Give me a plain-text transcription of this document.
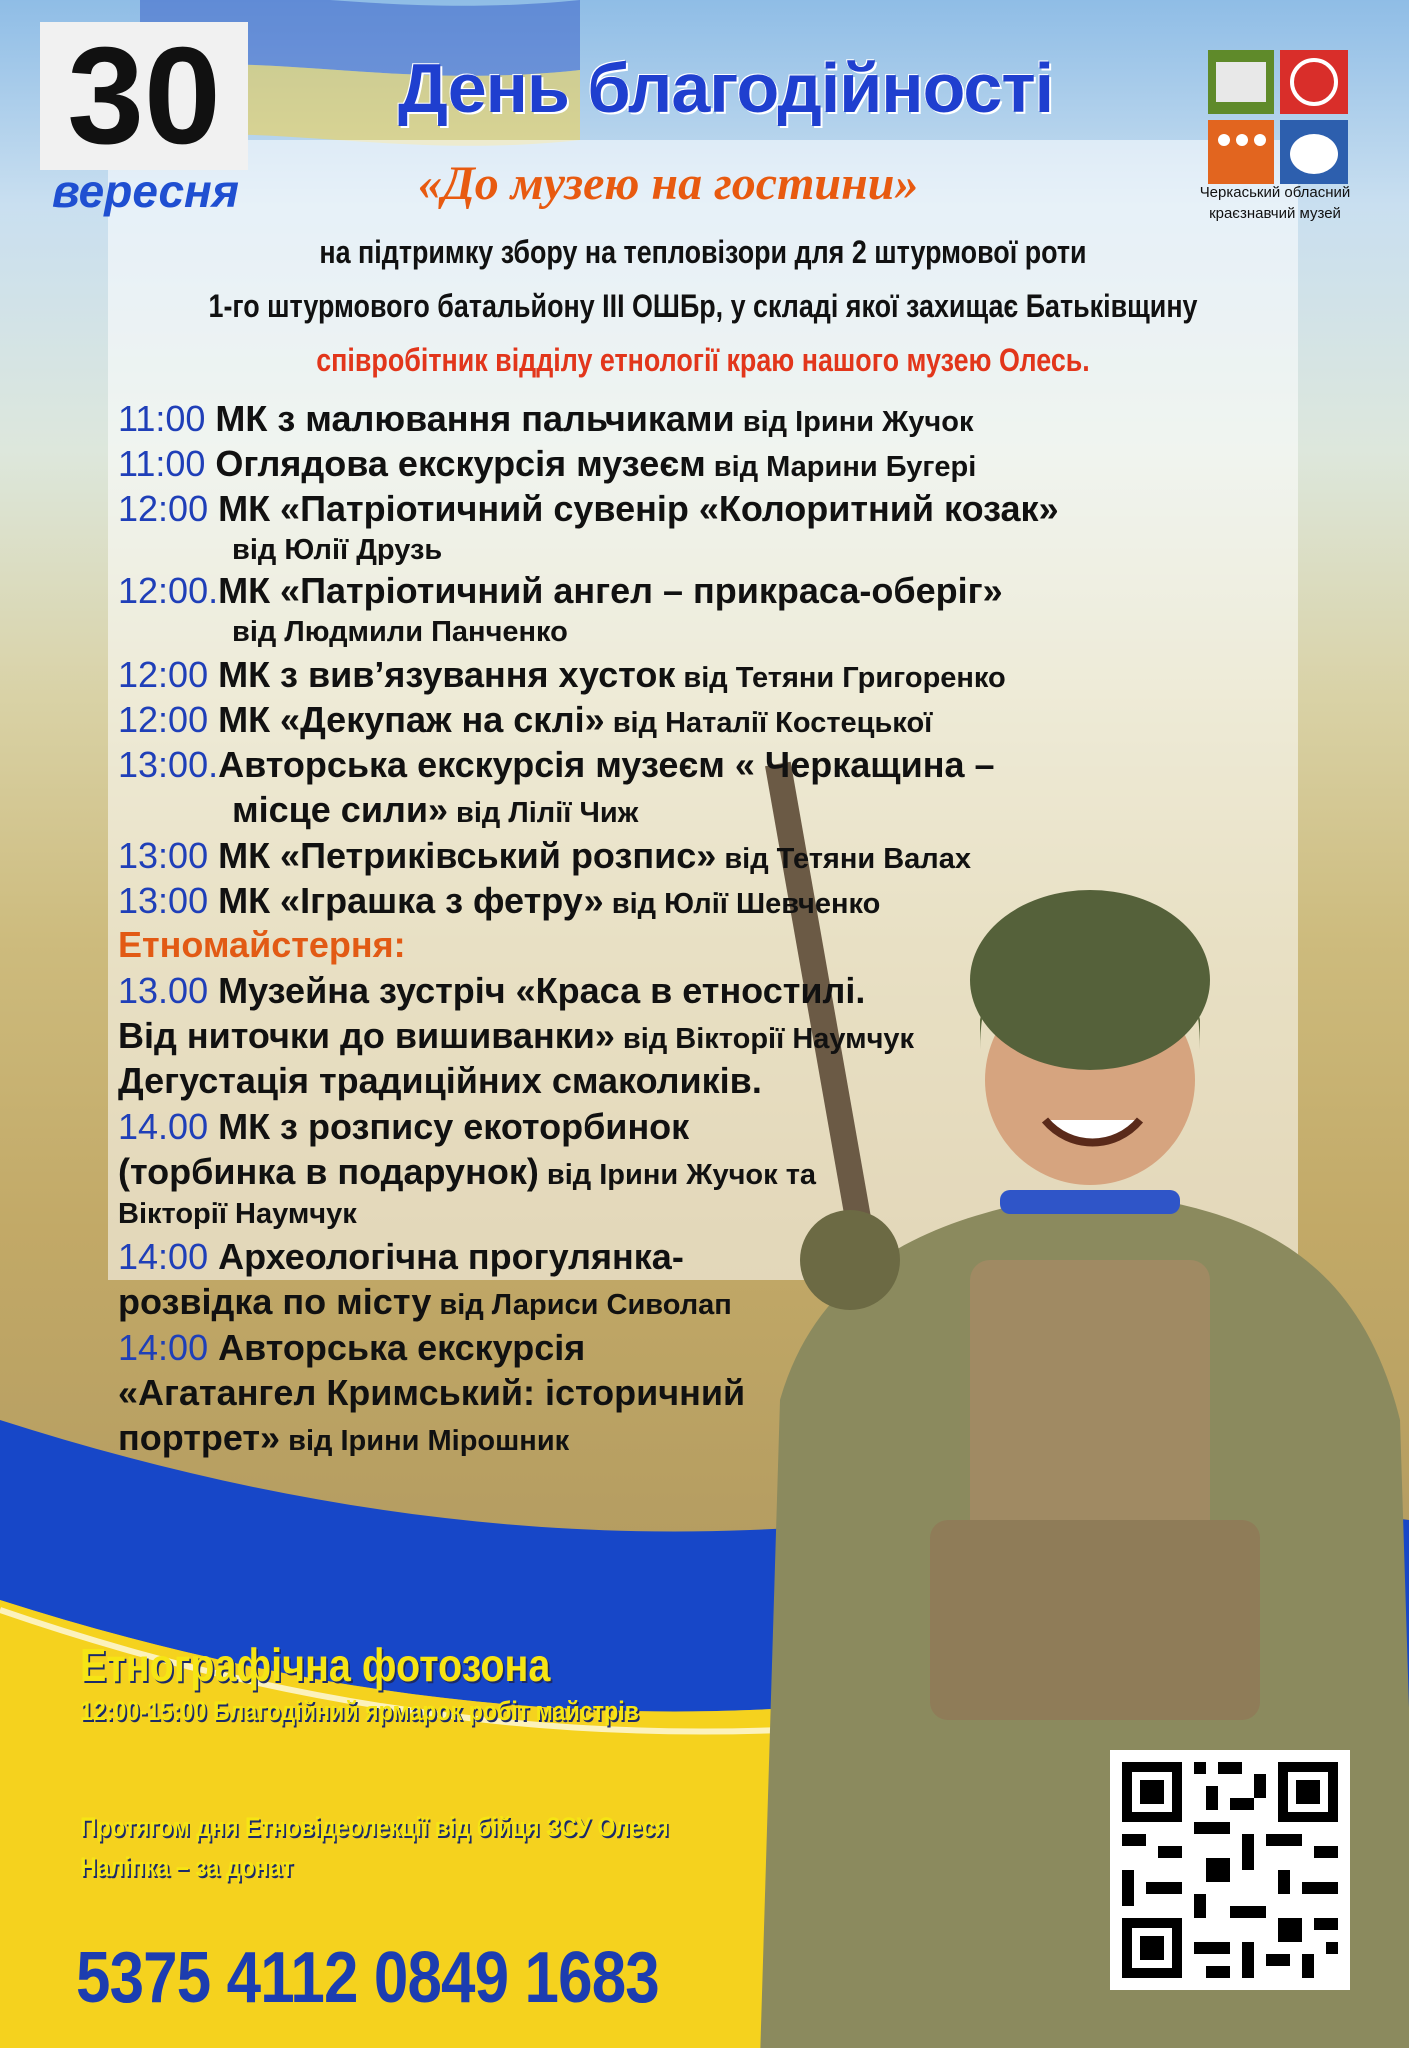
30
вересня
День благодійності
«До музею на гостини»	Черкаський обласний
краєзнавчий музей
на підтримку збору на тепловізори для 2 штурмової роти
1-го штурмового батальйону ІІІ ОШБр, у складі якої захищає Батьківщину
співробітник відділу етнології краю нашого музею Олесь.
11:00 МК з малювання пальчиками від Ірини Жучок
11:00 Оглядова екскурсія музеєм від Марини Бугері
12:00 МК «Патріотичний сувенір «Колоритний козак»
від Юлії Друзь
12:00.МК «Патріотичний ангел – прикраса-оберіг»
від Людмили Панченко
12:00 МК з вив’язування хусток від Тетяни Григоренко
12:00 МК «Декупаж на склі» від Наталії Костецької
13:00.Авторська екскурсія музеєм « Черкащина –
місце сили» від Лілії Чиж
13:00 МК «Петриківський розпис» від Тетяни Валах
13:00 МК «Іграшка з фетру» від Юлії Шевченко
Етномайстерня:
13.00 Музейна зустріч «Краса в етностилі.
Від ниточки до вишиванки» від Вікторії Наумчук
Дегустація традиційних смаколиків.
14.00 МК з розпису екоторбинок
(торбинка в подарунок) від Ірини Жучок та
Вікторії Наумчук
14:00 Археологічна прогулянка-
розвідка по місту від Лариси Сиволап
14:00 Авторська екскурсія
«Агатангел Кримський: історичний
портрет» від Ірини Мірошник
Етнографічна фотозона
12:00-15:00 Благодійний ярмарок робіт майстрів
Протягом дня Етновідеолекції від бійця ЗСУ Олеся
Наліпка – за донат
5375 4112 0849 1683
